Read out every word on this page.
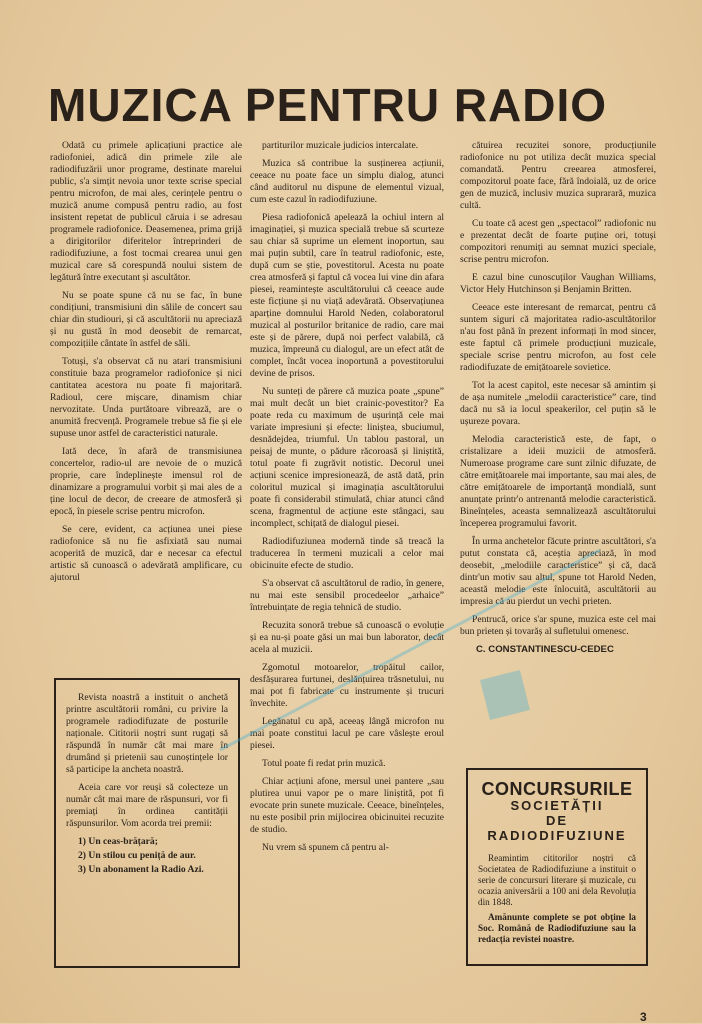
MUZICA PENTRU RADIO

Odată cu primele aplicațiuni practice ale radiofoniei, adică din primele zile ale radiodifuzării unor programe, destinate marelui public, s'a simțit nevoia unor texte scrise special pentru microfon, de mai ales, cerințele pentru o muzică anume compusă pentru radio, au fost insistent repetat de publicul căruia i se adresau programele radiofonice. Deasemenea, prima grijă a dirigitorilor diferitelor întreprinderi de radiodifuziune, a fost tocmai crearea unui gen muzical care să corespundă noului sistem de legătură între executant și ascultător.

Nu se poate spune că nu se fac, în bune condițiuni, transmisiuni din sălile de concert sau chiar din studiouri, și că ascultătorii nu apreciază și nu gustă în mod deosebit de remarcat, compozițiile cântate în astfel de săli.

Totuși, s'a observat că nu atari transmisiuni constituie baza programelor radiofonice și nici cantitatea acestora nu poate fi majoritară. Radioul, cere mișcare, dinamism chiar nervozitate. Unda purtătoare vibrează, are o anumită frecvență. Programele trebue să fie și ele supuse unor astfel de caracteristici naturale.

Iată dece, în afară de transmisiunea concertelor, radio-ul are nevoie de o muzică proprie, care îndeplinește imensul rol de dinamizare a programului vorbit și mai ales de a ține locul de decor, de creeare de atmosferă și epocă, în piesele scrise pentru microfon.

Se cere, evident, ca acțiunea unei piese radiofonice să nu fie asfixiată sau numai acoperită de muzică, dar e necesar ca efectul artistic să cunoască o adevărată amplificare, cu ajutorul

Revista noastră a instituit o anchetă printre ascultătorii români, cu privire la programele radiodifuzate de posturile naționale. Cititorii noștri sunt rugați să răspundă în număr cât mai mare în drumând și prietenii sau cunoștințele lor să participe la ancheta noastră.

Aceia care vor reuși să colecteze un număr cât mai mare de răspunsuri, vor fi premiați în ordinea cantității răspunsurilor. Vom acorda trei premii:

1) Un ceas-brățară;
2) Un stilou cu peniță de aur.
3) Un abonament la Radio Azi.

partiturilor muzicale judicios intercalate.

Muzica să contribue la susținerea acțiunii, ceeace nu poate face un simplu dialog, atunci când auditorul nu dispune de elementul vizual, cum este cazul în radiodifuziune.

Piesa radiofonică apelează la ochiul intern al imaginației, și muzica specială trebue să scurteze sau chiar să suprime un element inoportun, sau mai puțin subtil, care în teatrul radiofonic, este, după cum se știe, povestitorul. Acesta nu poate crea atmosferă și faptul că vocea lui vine din afara piesei, reamintește ascultătorului că ceeace aude este ficțiune și nu viață adevărată. Observațiunea aparține domnului Harold Neden, colaboratorul muzical al posturilor britanice de radio, care mai este și de părere, după noi perfect valabilă, că muzica, împreună cu dialogul, are un efect atât de complet, încât vocea inoportună a povestitorului devine de prisos.

Nu sunteți de părere că muzica poate „spune” mai mult decât un biet crainic-povestitor? Ea poate reda cu maximum de ușurință cele mai variate impresiuni și efecte: liniștea, sbuciumul, desnădejdea, triumful. Un tablou pastoral, un peisaj de munte, o pădure răcoroasă și liniștită, totul poate fi zugrăvit notistic. Decorul unei acțiuni scenice impresionează, de astă dată, prin coloritul muzical și imaginația ascultătorului poate fi considerabil stimulată, chiar atunci când scena, fragmentul de acțiune este stângaci, sau incomplect, schițată de dialogul piesei.

Radiodifuziunea modernă tinde să treacă la traducerea în termeni muzicali a celor mai obicinuite efecte de studio.

S'a observat că ascultătorul de radio, în genere, nu mai este sensibil procedeelor „arhaice” întrebuințate de regia tehnică de studio.

Recuzita sonoră trebue să cunoască o evoluție și ea nu-și poate găsi un mai bun laborator, decât acela al muzicii.

Zgomotul motoarelor, tropăitul cailor, desfășurarea furtunei, deslănțuirea trăsnetului, nu mai pot fi fabricate cu instrumente și trucuri învechite.

Legănatul cu apă, aceeaș lângă microfon nu mai poate constitui lacul pe care vâslește eroul piesei.

Totul poate fi redat prin muzică.

Chiar acțiuni afone, mersul unei pantere „sau plutirea unui vapor pe o mare liniștită, pot fi evocate prin sunete muzicale. Ceeace, bineînțeles, nu este posibil prin mijlocirea obicinuitei recuzite de studio.

Nu vrem să spunem că pentru al-

cătuirea recuzitei sonore, producțiunile radiofonice nu pot utiliza decât muzica special comandată. Pentru creearea atmosferei, compozitorul poate face, fără îndoială, uz de orice gen de muzică, inclusiv muzica suprarară, muzica cultă.

Cu toate că acest gen „spectacol” radiofonic nu e prezentat decât de foarte puține ori, totuși compozitori renumiți au semnat muzici speciale, scrise pentru microfon.

E cazul bine cunoscuților Vaughan Williams, Victor Hely Hutchinson și Benjamin Britten.

Ceeace este interesant de remarcat, pentru că suntem siguri că majoritatea radio-ascultătorilor n'au fost până în prezent informați în mod sincer, este faptul că primele producțiuni muzicale, speciale scrise pentru microfon, au fost cele radiodifuzate de emițătoarele sovietice.

Tot la acest capitol, este necesar să amintim și de așa numitele „melodii caracteristice” care, tind dacă nu să ia locul speakerilor, cel puțin să le ușureze povara.

Melodia caracteristică este, de fapt, o cristalizare a ideii muzicii de atmosferă. Numeroase programe care sunt zilnic difuzate, de către emițătoarele mai importante, sau mai ales, de către emițătoarele de importanță mondială, sunt anunțate printr'o antrenantă melodie caracteristică. Bineînțeles, aceasta semnalizează ascultătorului începerea programului favorit.

În urma anchetelor făcute printre ascultători, s'a putut constata că, aceștia apreciază, în mod deosebit, „melodiile caracteristice” și că, dacă dintr'un motiv sau altul, spune tot Harold Neden, această melodie este înlocuită, ascultătorii au impresia că au pierdut un vechi prieten.

Pentrucă, orice s'ar spune, muzica este cel mai bun prieten și tovarăș al sufletului omenesc.

C. CONSTANTINESCU-CEDEC
CONCURSURILE
SOCIETĂȚII
DE RADIODIFUZIUNE

Reamintim cititorilor noștri că Societatea de Radiodifuziune a instituit o serie de concursuri literare și muzicale, cu ocazia aniversării a 100 ani dela Revoluția din 1848.

Amănunte complete se pot obține la Soc. Română de Radiodifuziune sau la redacția revistei noastre.

3
